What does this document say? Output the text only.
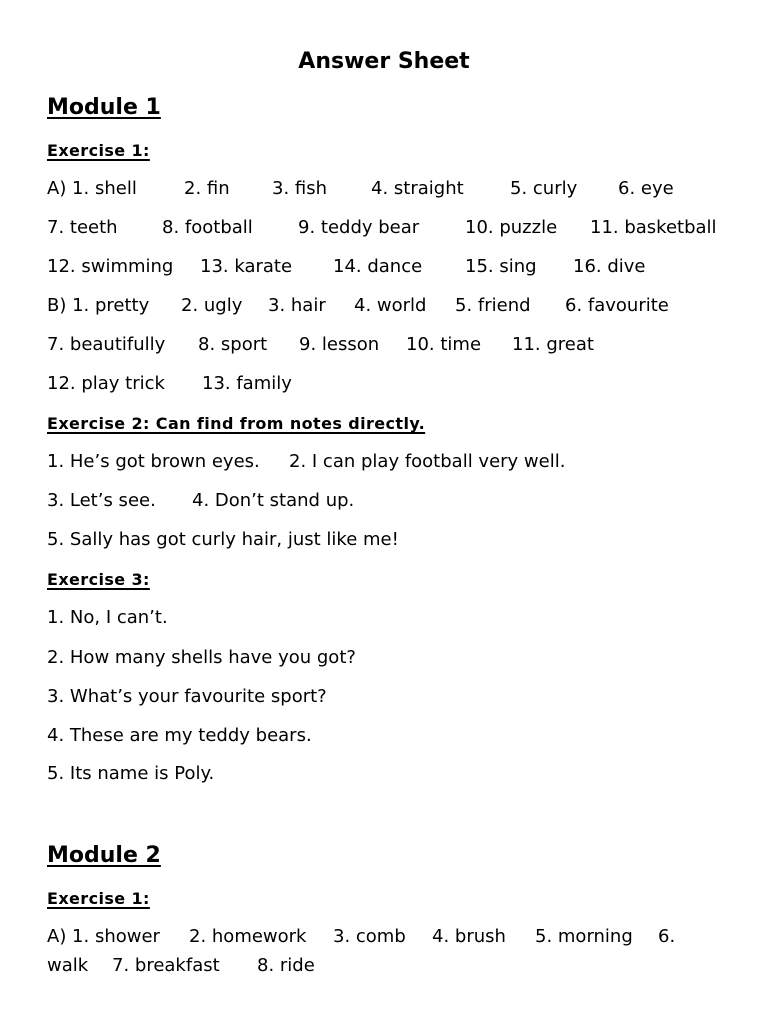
Answer Sheet
Module 1
Exercise 1:
A) 1. shell	2. fin 3. fish 4. straight	5. curly 6. eye
7. teeth 8. football	9. teddy bear	10. puzzle 11. basketball
12. swimming 13. karate 14. dance 15. sing 16. dive
B) 1. pretty 2. ugly 3. hair 4. world 5. friend 6. favourite
7. beautifully 8. sport 9. lesson 10. time 11. great
12. play trick 13. family
Exercise 2: Can find from notes directly.
1. He’s got brown eyes. 2. I can play football very well.
3. Let’s see. 4. Don’t stand up.
5. Sally has got curly hair, just like me!
Exercise 3:
1. No, I can’t.
2. How many shells have you got?
3. What’s your favourite sport?
4. These are my teddy bears.
5. Its name is Poly.
Module 2
Exercise 1:
A) 1. shower 2. homework 3. comb 4. brush 5. morning 6.
walk 7. breakfast 8. ride
